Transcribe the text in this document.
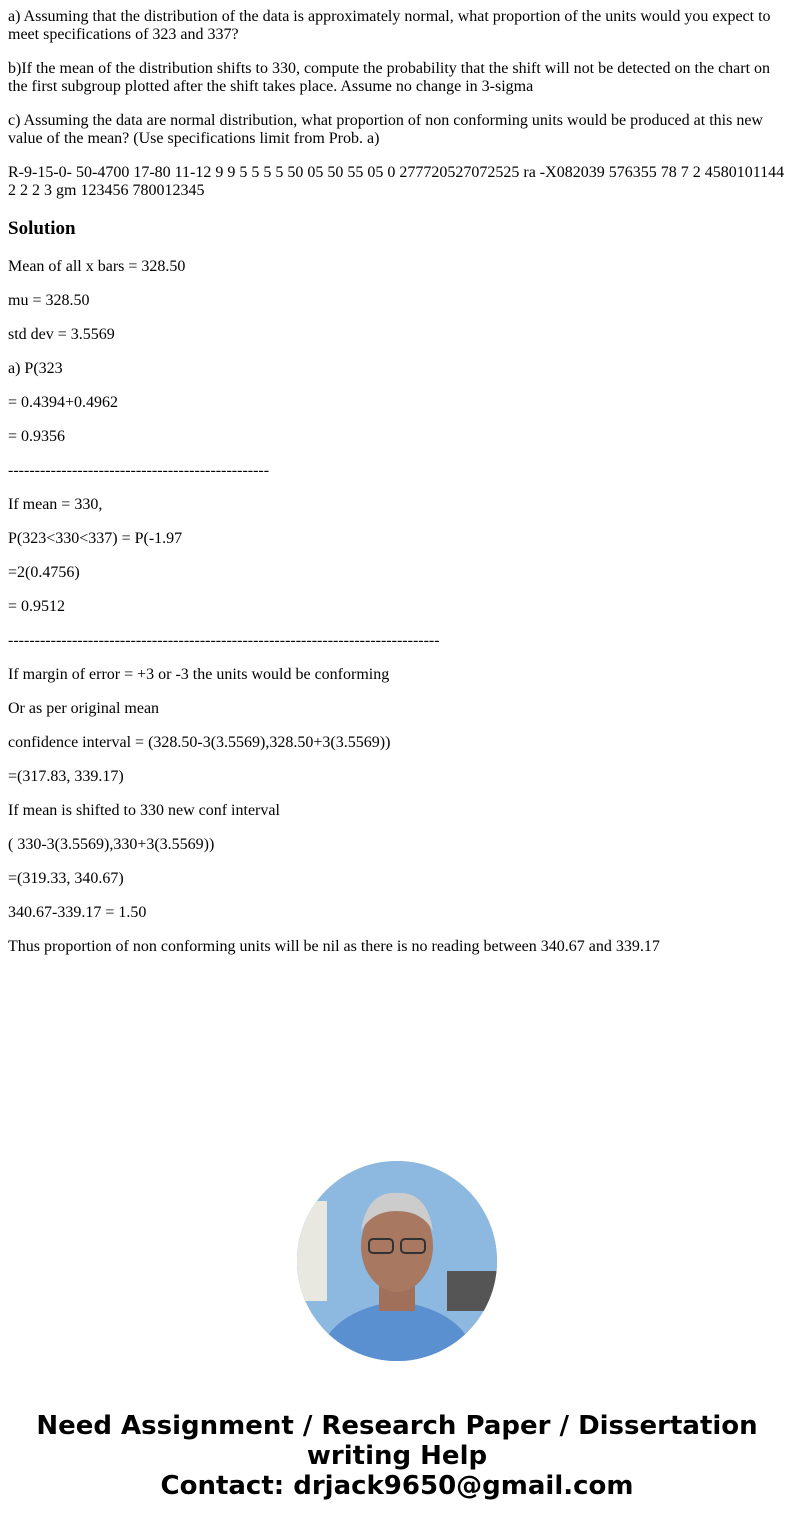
a) Assuming that the distribution of the data is approximately normal, what proportion of the units would you expect to meet specifications of 323 and 337?

b)If the mean of the distribution shifts to 330, compute the probability that the shift will not be detected on the chart on the first subgroup plotted after the shift takes place. Assume no change in 3-sigma

c) Assuming the data are normal distribution, what proportion of non conforming units would be produced at this new value of the mean? (Use specifications limit from Prob. a)

R-9-15-0- 50-4700 17-80 11-12 9 9 5 5 5 5 50 05 50 55 05 0 277720527072525 ra -X082039 576355 78 7 2 4580101144 2 2 2 3 gm 123456 780012345

Solution

Mean of all x bars = 328.50

mu = 328.50

std dev = 3.5569

a) P(323

= 0.4394+0.4962

= 0.9356

-------------------------------------------------

If mean = 330,

P(323<330<337) = P(-1.97

=2(0.4756)

= 0.9512

---------------------------------------------------------------------------------

If margin of error = +3 or -3 the units would be conforming

Or as per original mean

confidence interval = (328.50-3(3.5569),328.50+3(3.5569))

=(317.83, 339.17)

If mean is shifted to 330 new conf interval

( 330-3(3.5569),330+3(3.5569))

=(319.33, 340.67)

340.67-339.17 = 1.50

Thus proportion of non conforming units will be nil as there is no reading between 340.67 and 339.17

Need Assignment / Research Paper / Dissertation writing Help
Contact: drjack9650@gmail.com
